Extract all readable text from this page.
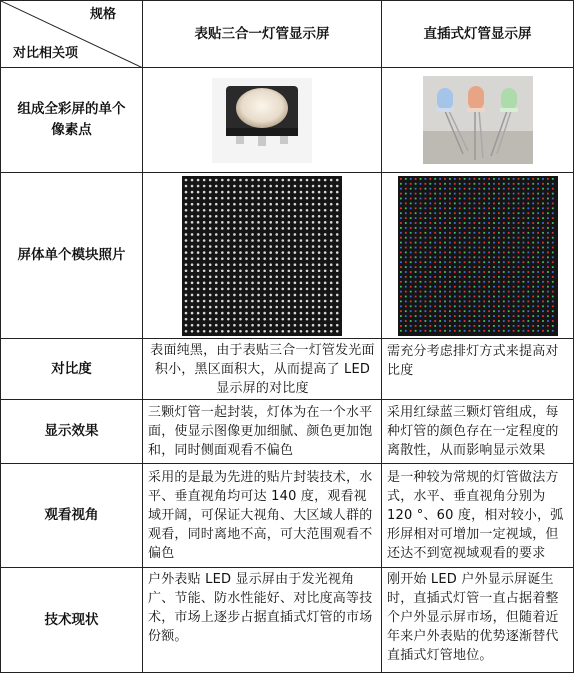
规格
对比相关项	表贴三合一灯管显示屏	直插式灯管显示屏
组成全彩屏的单个像素点	

屏体单个模块照片	

对比度	表面纯黑，由于表贴三合一灯管发光面积小，黑区面积大，从而提高了 LED 显示屏的对比度	需充分考虑排灯方式来提高对比度
显示效果	三颗灯管一起封装，灯体为在一个水平面，使显示图像更加细腻、颜色更加饱和，同时侧面观看不偏色	采用红绿蓝三颗灯管组成，每种灯管的颜色存在一定程度的离散性，从而影响显示效果
观看视角	采用的是最为先进的贴片封装技术，水平、垂直视角均可达 140 度，观看视域开阔，可保证大视角、大区域人群的观看，同时离地不高，可大范围观看不偏色	是一种较为常规的灯管做法方式，水平、垂直视角分别为 120 °、60 度，相对较小，弧形屏相对可增加一定视域，但还达不到宽视域观看的要求
技术现状	户外表贴 LED 显示屏由于发光视角广、节能、防水性能好、对比度高等技术，市场上逐步占据直插式灯管的市场份额。	刚开始 LED 户外显示屏诞生时，直插式灯管一直占据着整个户外显示屏市场，但随着近年来户外表贴的优势逐渐替代直插式灯管地位。
